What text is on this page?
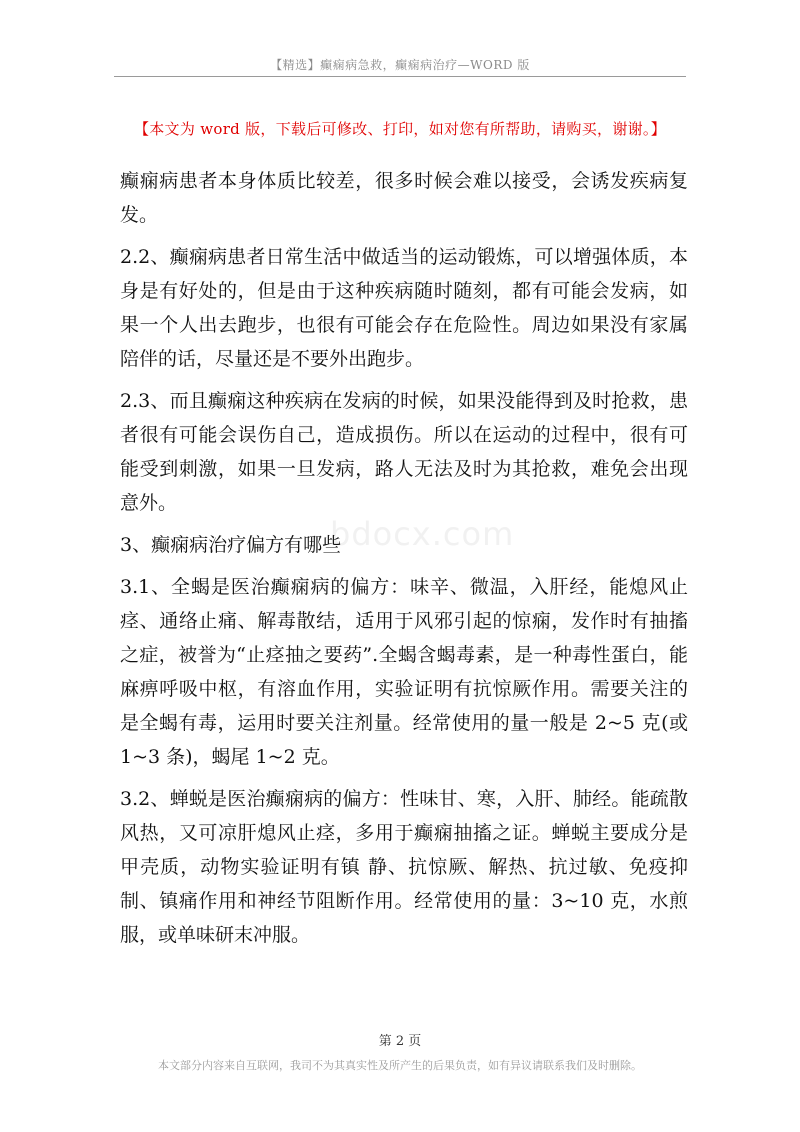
【精选】癫痫病急救，癫痫病治疗—WORD 版
【本文为 word 版，下载后可修改、打印，如对您有所帮助，请购买，谢谢。】
bdocx.com

癫痫病患者本身体质比较差，很多时候会难以接受，会诱发疾病复发。

2.2、癫痫病患者日常生活中做适当的运动锻炼，可以增强体质，本身是有好处的，但是由于这种疾病随时随刻，都有可能会发病，如果一个人出去跑步，也很有可能会存在危险性。周边如果没有家属陪伴的话，尽量还是不要外出跑步。

2.3、而且癫痫这种疾病在发病的时候，如果没能得到及时抢救，患者很有可能会误伤自己，造成损伤。所以在运动的过程中，很有可能受到刺激，如果一旦发病，路人无法及时为其抢救，难免会出现意外。

3、癫痫病治疗偏方有哪些

3.1、全蝎是医治癫痫病的偏方：味辛、微温，入肝经，能熄风止痉、通络止痛、解毒散结，适用于风邪引起的惊痫，发作时有抽搐之症，被誉为“止痉抽之要药”.全蝎含蝎毒素，是一种毒性蛋白，能麻痹呼吸中枢，有溶血作用，实验证明有抗惊厥作用。需要关注的是全蝎有毒，运用时要关注剂量。经常使用的量一般是 2~5 克(或 1~3 条)，蝎尾 1~2 克。

3.2、蝉蜕是医治癫痫病的偏方：性味甘、寒，入肝、肺经。能疏散风热，又可凉肝熄风止痉，多用于癫痫抽搐之证。蝉蜕主要成分是甲壳质，动物实验证明有镇 静、抗惊厥、解热、抗过敏、免疫抑制、镇痛作用和神经节阻断作用。经常使用的量：3~10 克，水煎服，或单味研末冲服。

第 2 页
本文部分内容来自互联网，我司不为其真实性及所产生的后果负责，如有异议请联系我们及时删除。
